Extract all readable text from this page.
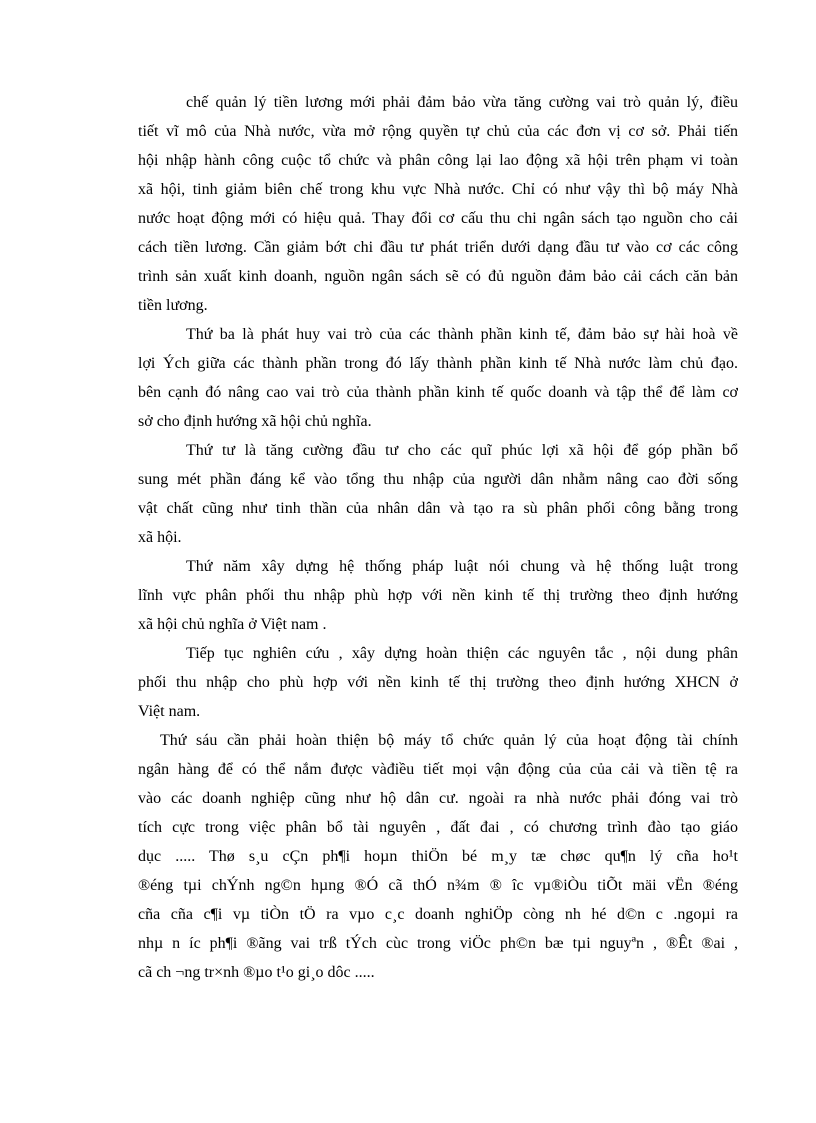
chế quản lý tiền lương mới phải đảm bảo vừa tăng cường vai trò quản lý, điều
tiết vĩ mô của Nhà nước, vừa mở rộng quyền tự chủ của các đơn vị cơ sở. Phải tiến
hội nhập hành công cuộc tổ chức và phân công lại lao động xã hội trên phạm vi toàn
xã hội, tinh giảm biên chế trong khu vực Nhà nước. Chỉ có như vậy thì bộ máy Nhà
nước hoạt động mới có hiệu quả. Thay đổi cơ cấu thu chi ngân sách tạo nguồn cho cải
cách tiền lương. Cần giảm bớt chi đầu tư phát triển dưới dạng đầu tư vào cơ các công
trình sản xuất kinh doanh, nguồn ngân sách sẽ có đủ nguồn đảm bảo cải cách căn bản
tiền lương.
Thứ ba là phát huy vai trò của các thành phần kinh tế, đảm bảo sự hài hoà về
lợi Ých giữa các thành phần trong đó lấy thành phần kinh tế Nhà nước làm chủ đạo.
bên cạnh đó nâng cao vai trò của thành phần kinh tế quốc doanh và tập thể để làm cơ
sở cho định hướng xã hội chủ nghĩa.
Thứ tư là tăng cường đầu tư cho các quĩ phúc lợi xã hội để góp phần bổ
sung mét phần đáng kể vào tổng thu nhập của người dân nhằm nâng cao đời sống
vật chất cũng như tinh thần của nhân dân và tạo ra sù phân phối công bằng trong
xã hội.
Thứ năm xây dựng hệ thống pháp luật nói chung và hệ thống luật trong
lĩnh vực phân phối thu nhập phù hợp với nền kinh tế thị trường theo định hướng
xã hội chủ nghĩa ở Việt nam .
Tiếp tục nghiên cứu , xây dựng hoàn thiện các nguyên tắc , nội dung phân
phối thu nhập cho phù hợp với nền kinh tế thị trường theo định hướng XHCN ở
Việt nam.
Thứ sáu cần phải hoàn thiện bộ máy tổ chức quản lý của hoạt động tài chính
ngân hàng để có thể nắm được vàđiều tiết mọi vận động của của cải và tiền tệ ra
vào các doanh nghiệp cũng như hộ dân cư. ngoài ra nhà nước phải đóng vai trò
tích cực trong việc phân bổ tài nguyên , đất đai , có chương trình đào tạo giáo
dục ..... Thø s¸u cÇn ph¶i hoµn thiÖn bé m¸y tæ chøc qu¶n lý cña ho¹t
®éng tµi chÝnh ng©n hµng ®Ó cã thÓ n¾m ® îc vµ®iÒu tiÕt mäi vËn ®éng
cña cña c¶i vµ tiÒn tÖ ra vµo c¸c doanh nghiÖp còng nh hé d©n c .ngoµi ra
nhµ n íc ph¶i ®ãng vai trß tÝch cùc trong viÖc ph©n bæ tµi nguyªn , ®Êt ®ai ,
cã ch ¬ng tr×nh ®µo t¹o gi¸o dôc .....
